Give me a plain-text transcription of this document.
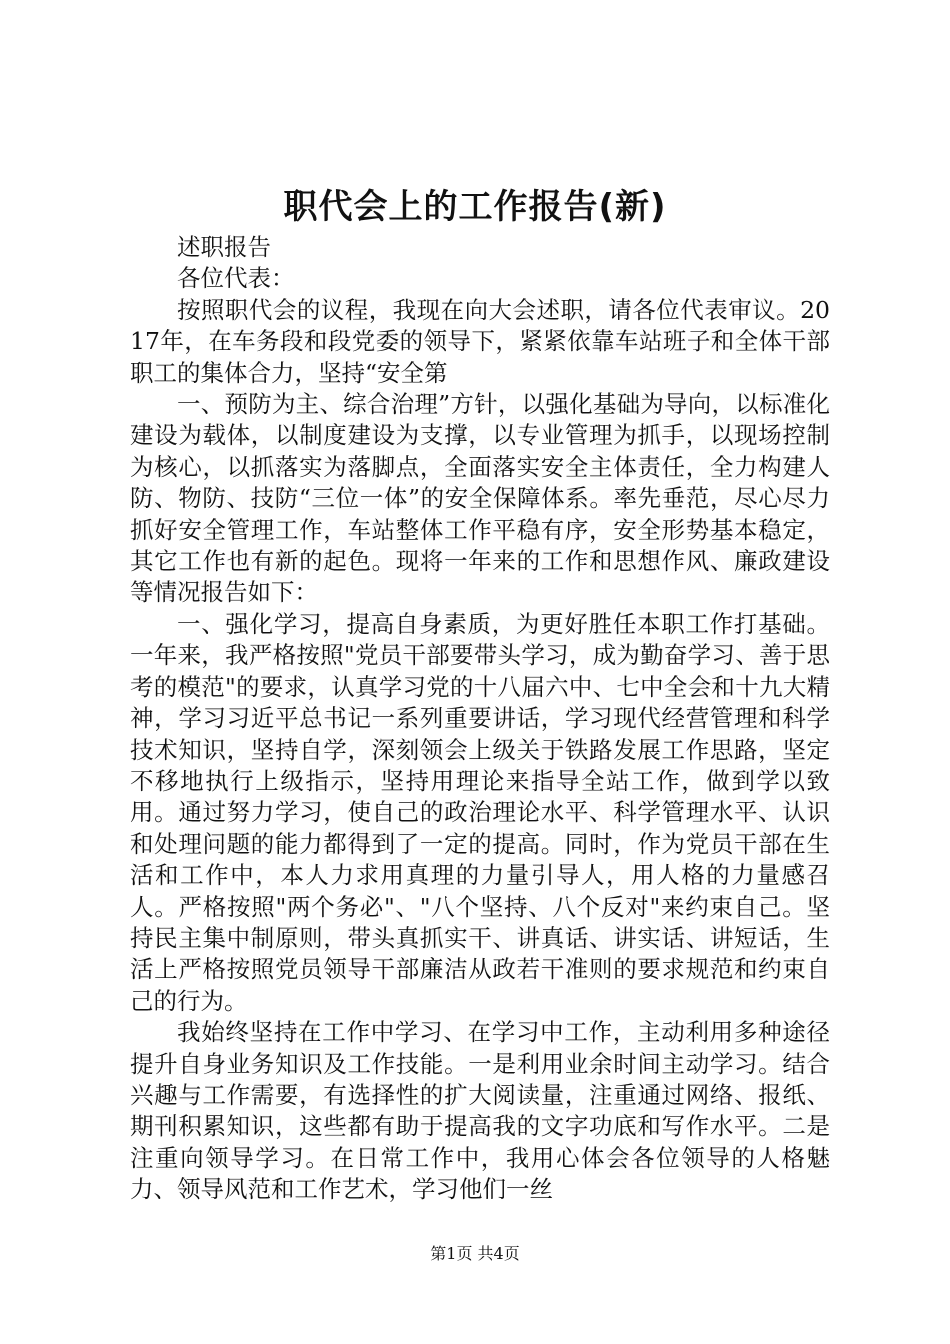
职代会上的工作报告(新)

述职报告

各位代表：

按照职代会的议程，我现在向大会述职，请各位代表审议。2017年，在车务段和段党委的领导下，紧紧依靠车站班子和全体干部职工的集体合力，坚持“安全第

一、预防为主、综合治理”方针，以强化基础为导向，以标准化建设为载体，以制度建设为支撑，以专业管理为抓手，以现场控制为核心，以抓落实为落脚点，全面落实安全主体责任，全力构建人防、物防、技防“三位一体”的安全保障体系。率先垂范，尽心尽力抓好安全管理工作，车站整体工作平稳有序，安全形势基本稳定，其它工作也有新的起色。现将一年来的工作和思想作风、廉政建设等情况报告如下：

一、强化学习，提高自身素质，为更好胜任本职工作打基础。一年来，我严格按照"党员干部要带头学习，成为勤奋学习、善于思考的模范"的要求，认真学习党的十八届六中、七中全会和十九大精神，学习习近平总书记一系列重要讲话，学习现代经营管理和科学技术知识，坚持自学，深刻领会上级关于铁路发展工作思路，坚定不移地执行上级指示，坚持用理论来指导全站工作，做到学以致用。通过努力学习，使自己的政治理论水平、科学管理水平、认识和处理问题的能力都得到了一定的提高。同时，作为党员干部在生活和工作中，本人力求用真理的力量引导人，用人格的力量感召人。严格按照"两个务必"、"八个坚持、八个反对"来约束自己。坚持民主集中制原则，带头真抓实干、讲真话、讲实话、讲短话，生活上严格按照党员领导干部廉洁从政若干准则的要求规范和约束自己的行为。

我始终坚持在工作中学习、在学习中工作，主动利用多种途径提升自身业务知识及工作技能。一是利用业余时间主动学习。结合兴趣与工作需要，有选择性的扩大阅读量，注重通过网络、报纸、期刊积累知识，这些都有助于提高我的文字功底和写作水平。二是注重向领导学习。在日常工作中，我用心体会各位领导的人格魅力、领导风范和工作艺术，学习他们一丝

第1页 共4页
